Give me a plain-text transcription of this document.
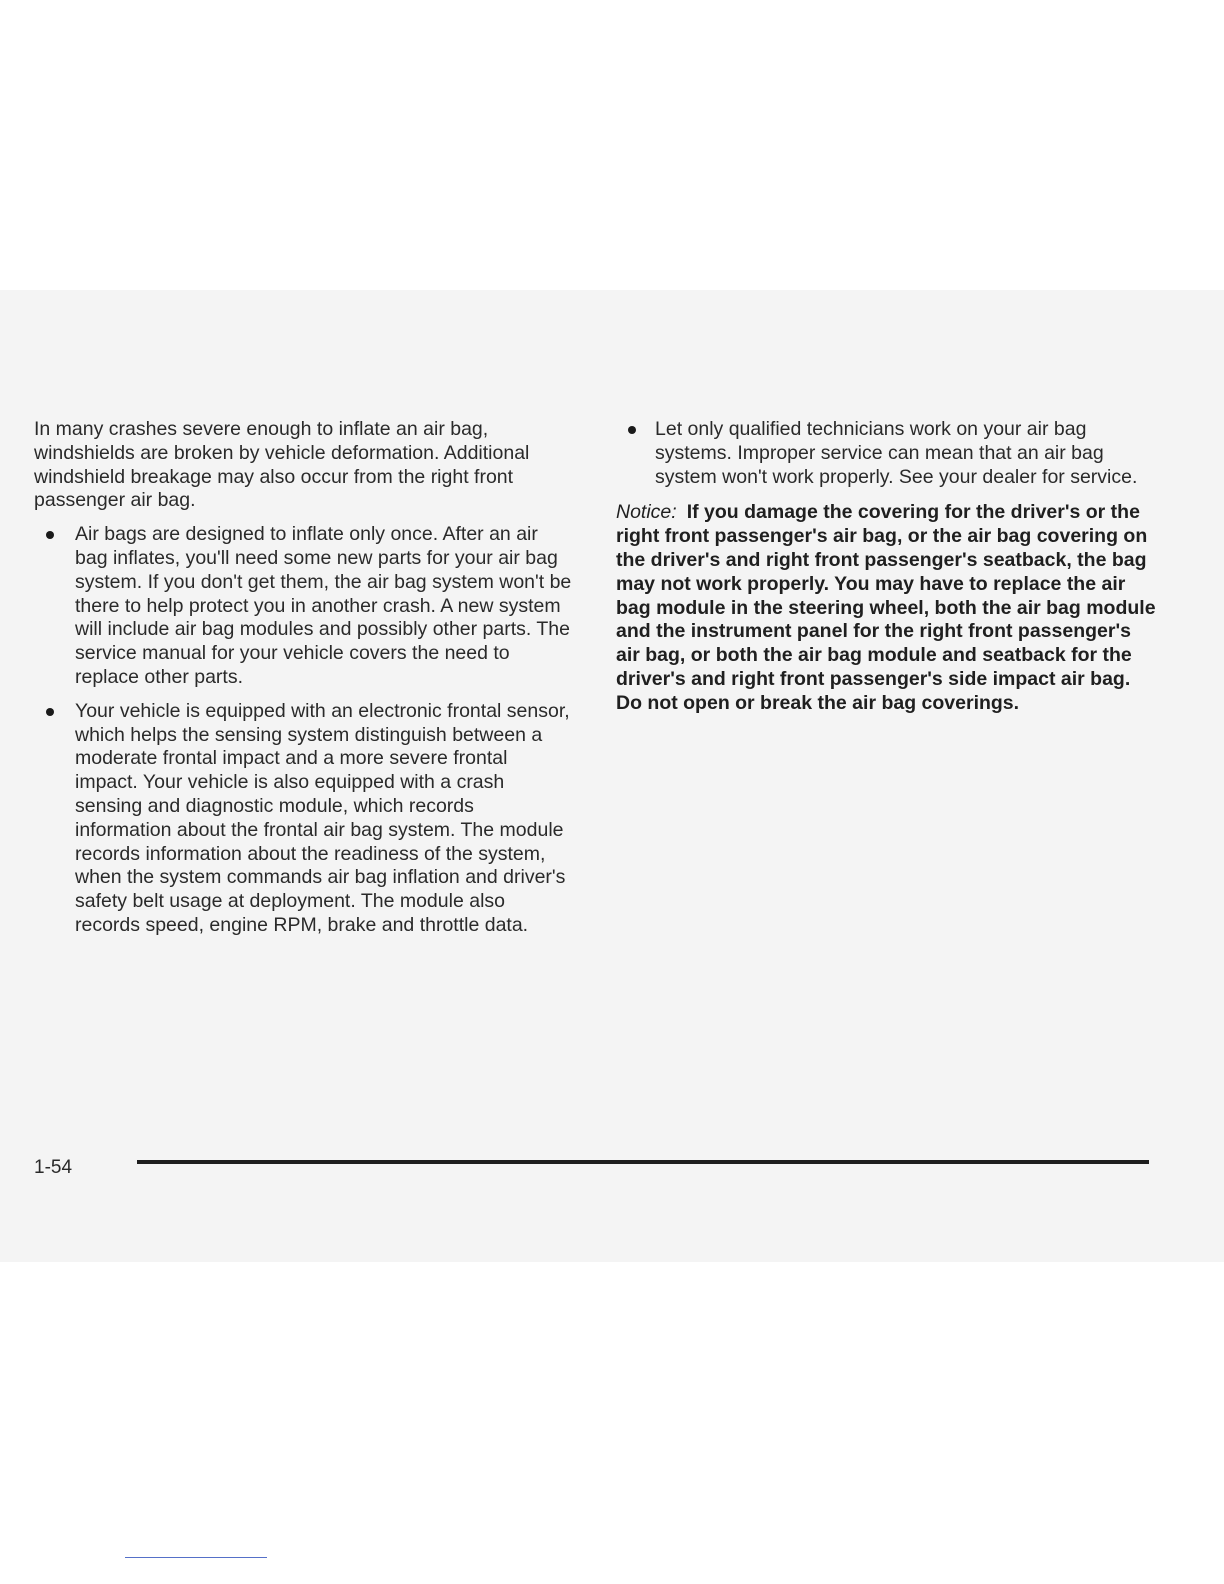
In many crashes severe enough to inflate an air bag, windshields are broken by vehicle deformation. Additional windshield breakage may also occur from the right front passenger air bag.

Air bags are designed to inflate only once. After an air bag inflates, you'll need some new parts for your air bag system. If you don't get them, the air bag system won't be there to help protect you in another crash. A new system will include air bag modules and possibly other parts. The service manual for your vehicle covers the need to replace other parts.
Your vehicle is equipped with an electronic frontal sensor, which helps the sensing system distinguish between a moderate frontal impact and a more severe frontal impact. Your vehicle is also equipped with a crash sensing and diagnostic module, which records information about the frontal air bag system. The module records information about the readiness of the system, when the system commands air bag inflation and driver's safety belt usage at deployment. The module also records speed, engine RPM, brake and throttle data.
Let only qualified technicians work on your air bag systems. Improper service can mean that an air bag system won't work properly. See your dealer for service.

Notice: If you damage the covering for the driver's or the right front passenger's air bag, or the air bag covering on the driver's and right front passenger's seatback, the bag may not work properly. You may have to replace the air bag module in the steering wheel, both the air bag module and the instrument panel for the right front passenger's air bag, or both the air bag module and seatback for the driver's and right front passenger's side impact air bag. Do not open or break the air bag coverings.

1-54
